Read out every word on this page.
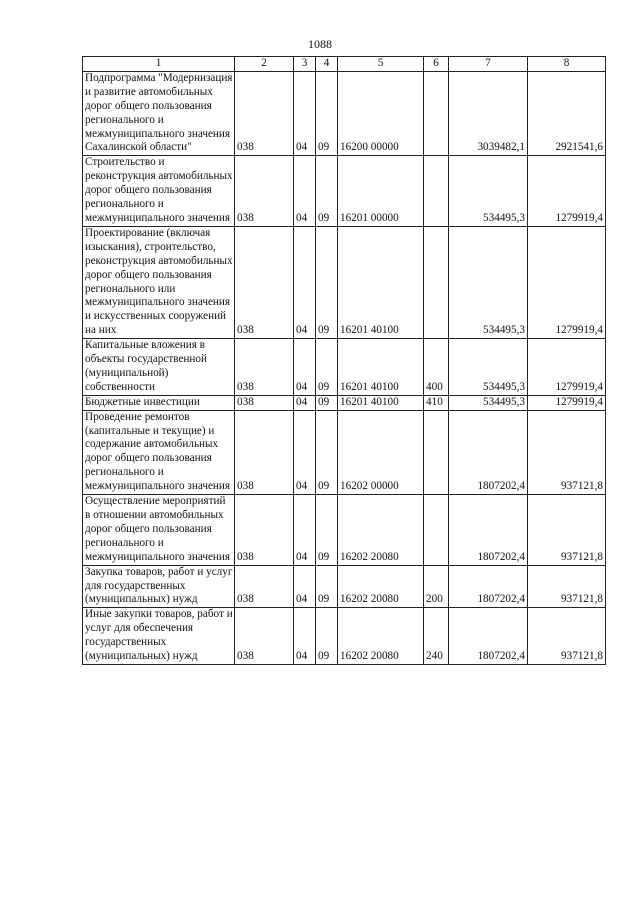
1088
1	2	3	4	5	6	7	8
Подпрограмма "Модернизация и развитие автомобильных дорог общего пользования регионального и межмуниципального значения Сахалинской области"	038	04	09	16200 00000		3039482,1	2921541,6
Строительство и реконструкция автомобильных дорог общего пользования регионального и межмуниципального значения	038	04	09	16201 00000		534495,3	1279919,4
Проектирование (включая изыскания), строительство, реконструкция автомобильных дорог общего пользования регионального или межмуниципального значения и искусственных сооружений на них	038	04	09	16201 40100		534495,3	1279919,4
Капитальные вложения в объекты государственной (муниципальной) собственности	038	04	09	16201 40100	400	534495,3	1279919,4
Бюджетные инвестиции	038	04	09	16201 40100	410	534495,3	1279919,4
Проведение ремонтов (капитальные и текущие) и содержание автомобильных дорог общего пользования регионального и межмуниципального значения	038	04	09	16202 00000		1807202,4	937121,8
Осуществление мероприятий в отношении автомобильных дорог общего пользования регионального и межмуниципального значения	038	04	09	16202 20080		1807202,4	937121,8
Закупка товаров, работ и услуг для государственных (муниципальных) нужд	038	04	09	16202 20080	200	1807202,4	937121,8
Иные закупки товаров, работ и услуг для обеспечения государственных (муниципальных) нужд	038	04	09	16202 20080	240	1807202,4	937121,8
